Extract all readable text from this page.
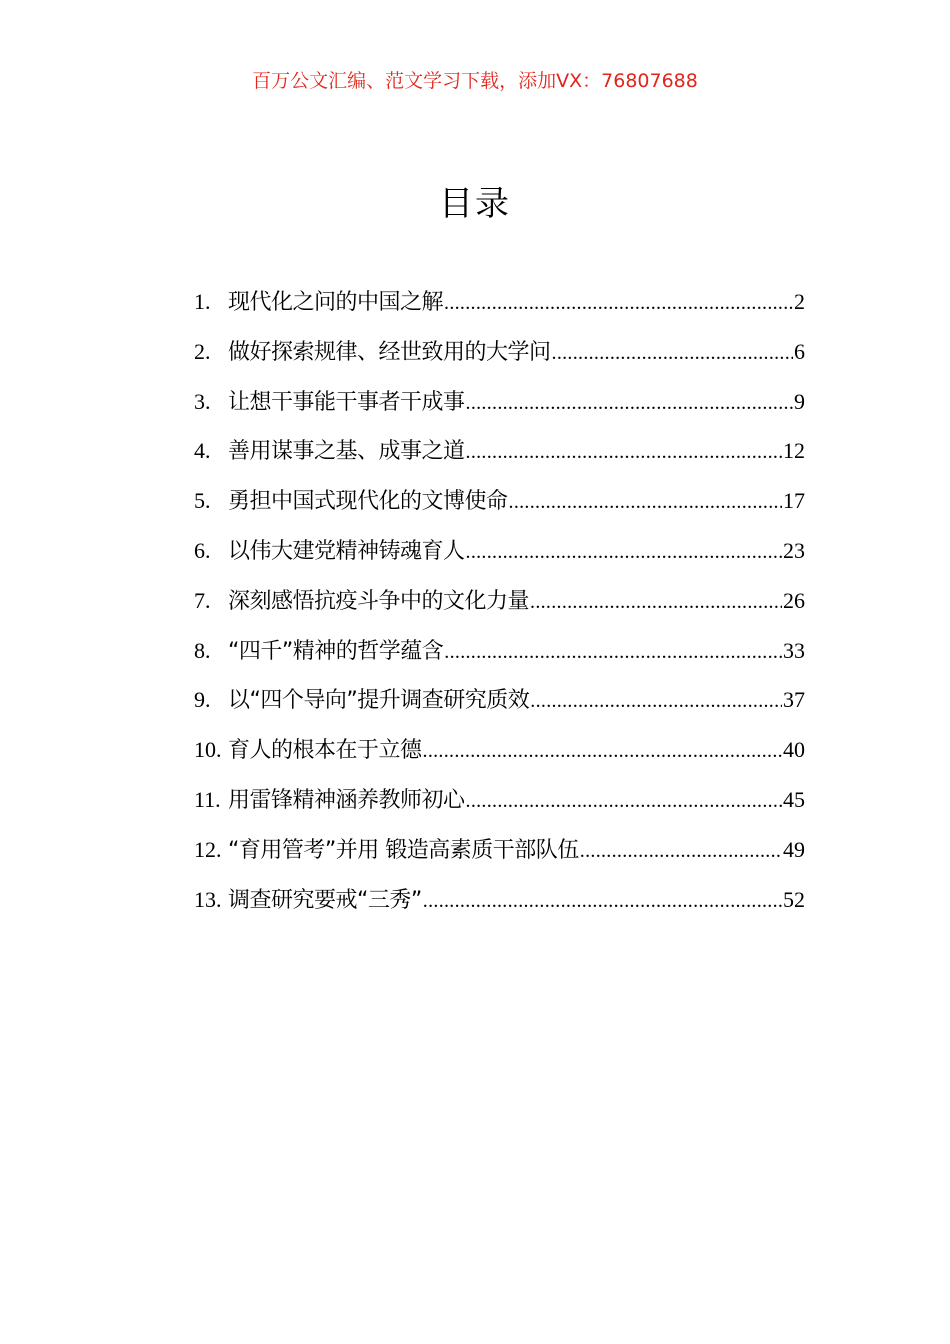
百万公文汇编、范文学习下载，添加VX：76807688
目录
1. 现代化之问的中国之解 .....	2
2. 做好探索规律、经世致用的大学问 .....	6
3. 让想干事能干事者干成事 .....	9
4. 善用谋事之基、成事之道 .....	12
5. 勇担中国式现代化的文博使命 .....	17
6. 以伟大建党精神铸魂育人 .....	23
7. 深刻感悟抗疫斗争中的文化力量 .....	26
8. “四千”精神的哲学蕴含 .....	33
9. 以“四个导向”提升调查研究质效 .....	37
10. 育人的根本在于立德 .....	40
11. 用雷锋精神涵养教师初心 .....	45
12. “育用管考”并用 锻造高素质干部队伍 .....	49
13. 调查研究要戒“三秀” .....	52
